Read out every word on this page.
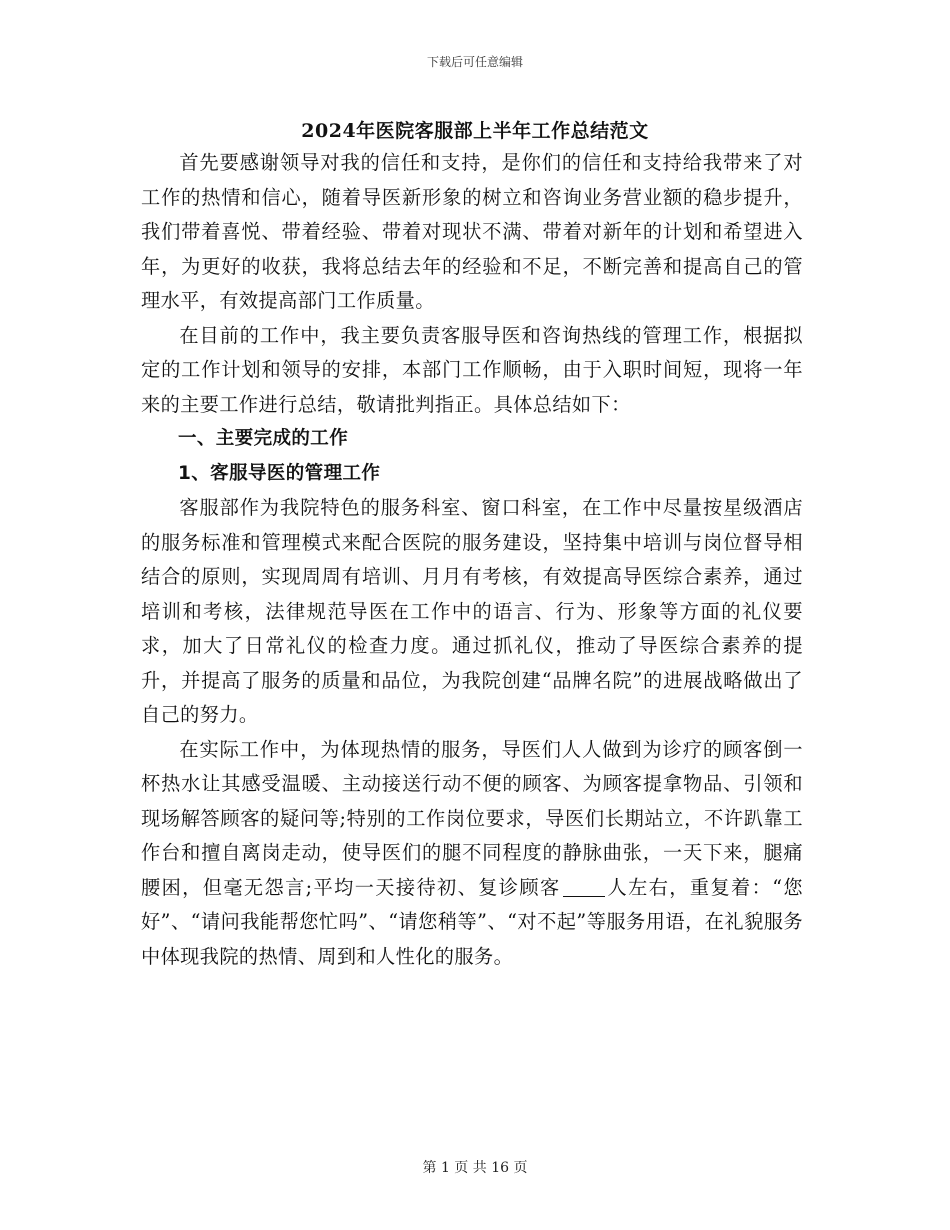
下载后可任意编辑
2024年医院客服部上半年工作总结范文

首先要感谢领导对我的信任和支持，是你们的信任和支持给我带来了对工作的热情和信心，随着导医新形象的树立和咨询业务营业额的稳步提升，我们带着喜悦、带着经验、带着对现状不满、带着对新年的计划和希望进入年，为更好的收获，我将总结去年的经验和不足，不断完善和提高自己的管理水平，有效提高部门工作质量。

在目前的工作中，我主要负责客服导医和咨询热线的管理工作，根据拟定的工作计划和领导的安排，本部门工作顺畅，由于入职时间短，现将一年来的主要工作进行总结，敬请批判指正。具体总结如下：

一、主要完成的工作

1、客服导医的管理工作

客服部作为我院特色的服务科室、窗口科室，在工作中尽量按星级酒店的服务标准和管理模式来配合医院的服务建设，坚持集中培训与岗位督导相结合的原则，实现周周有培训、月月有考核，有效提高导医综合素养，通过培训和考核，法律规范导医在工作中的语言、行为、形象等方面的礼仪要求，加大了日常礼仪的检查力度。通过抓礼仪，推动了导医综合素养的提升，并提高了服务的质量和品位，为我院创建“品牌名院”的进展战略做出了自己的努力。

在实际工作中，为体现热情的服务，导医们人人做到为诊疗的顾客倒一杯热水让其感受温暖、主动接送行动不便的顾客、为顾客提拿物品、引领和现场解答顾客的疑问等;特别的工作岗位要求，导医们长期站立，不许趴靠工作台和擅自离岗走动，使导医们的腿不同程度的静脉曲张，一天下来，腿痛腰困，但毫无怨言;平均一天接待初、复诊顾客 人左右，重复着：“您好”、“请问我能帮您忙吗”、“请您稍等”、“对不起”等服务用语，在礼貌服务中体现我院的热情、周到和人性化的服务。

第 1 页 共 16 页
